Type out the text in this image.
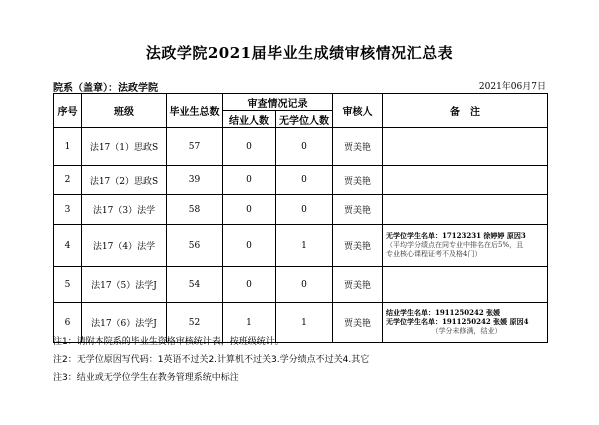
法政学院2021届毕业生成绩审核情况汇总表
院系（盖章）：法政学院	2021年06月7日
序号	班级	毕业生总数	审查情况记录		审核人	备　注
			结业人数	无学位人数		
1	法17（1）思政S	57	0	0	贾美艳	
2	法17（2）思政S	39	0	0	贾美艳	
3	法17（3）法学	58	0	0	贾美艳	
4	法17（4）法学	56	0	1	贾美艳	无学位学生名单：17123231 徐婷婷 原因3
（平均学分绩点在同专业中排名在后5%，且
专业核心课程证考不及格4门）

5	法17（5）法学J	54	0	0	贾美艳	
6	法17（6）法学J	52	1	1	贾美艳	结业学生名单：1911250242 张媛
无学位学生名单：1911250242 张媛 原因4
（学分未修满，结业）
注1：请附本院系的毕业生资格审核统计表，按班级统计。
注2：无学位原因写代码：1英语不过关2.计算机不过关3.学分绩点不过关4.其它
注3：结业或无学位学生在教务管理系统中标注
